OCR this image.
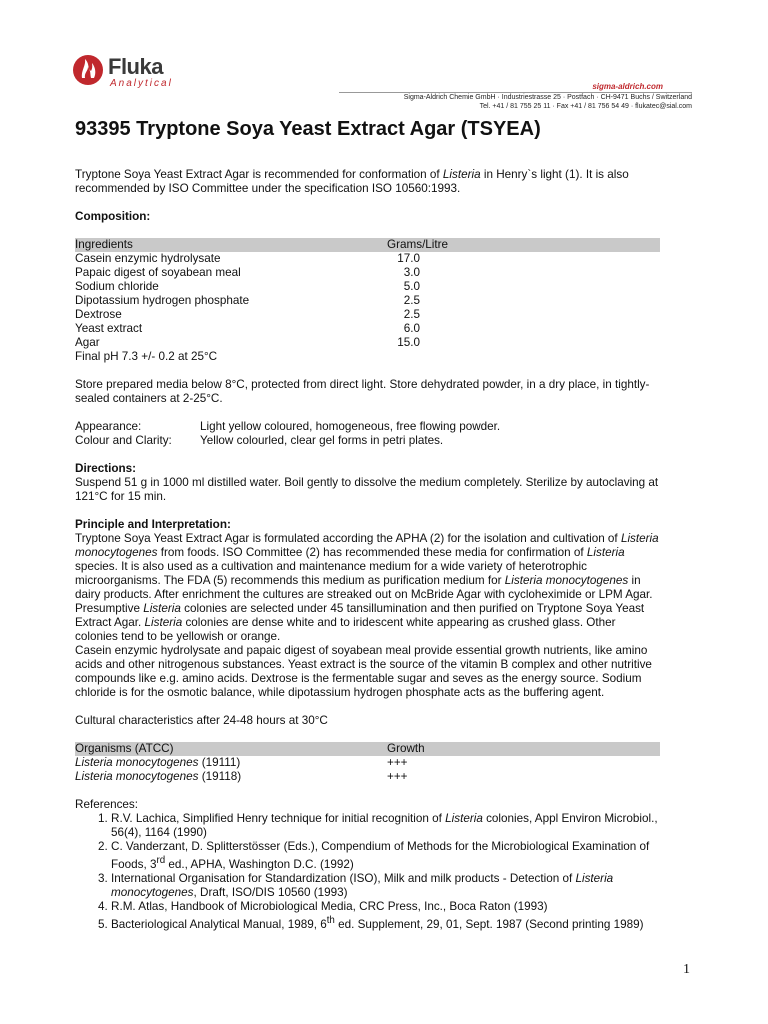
Fluka
Analytical	sigma-aldrich.com
Sigma-Aldrich Chemie GmbH · Industriestrasse 25 · Postfach · CH-9471 Buchs / Switzerland
Tel. +41 / 81 755 25 11 · Fax +41 / 81 756 54 49 · flukatec@sial.com
93395 Tryptone Soya Yeast Extract Agar (TSYEA)

Tryptone Soya Yeast Extract Agar is recommended for conformation of Listeria in Henry`s light (1). It is also recommended by ISO Committee under the specification ISO 10560:1993.

Composition:

Ingredients	Grams/Litre
Casein enzymic hydrolysate	17.0
Papaic digest of soyabean meal	3.0
Sodium chloride	5.0
Dipotassium hydrogen phosphate	2.5
Dextrose	2.5
Yeast extract	6.0
Agar	15.0

Final pH 7.3 +/- 0.2 at 25°C

Store prepared media below 8°C, protected from direct light. Store dehydrated powder, in a dry place, in tightly-sealed containers at 2-25°C.

Appearance:	Light yellow coloured, homogeneous, free flowing powder.
Colour and Clarity:	Yellow colourled, clear gel forms in petri plates.

Directions:

Suspend 51 g in 1000 ml distilled water. Boil gently to dissolve the medium completely. Sterilize by autoclaving at 121°C for 15 min.

Principle and Interpretation:

Tryptone Soya Yeast Extract Agar is formulated according the APHA (2) for the isolation and cultivation of Listeria monocytogenes from foods. ISO Committee (2) has recommended these media for confirmation of Listeria species. It is also used as a cultivation and maintenance medium for a wide variety of heterotrophic microorganisms. The FDA (5) recommends this medium as purification medium for Listeria monocytogenes in dairy products. After enrichment the cultures are streaked out on McBride Agar with cycloheximide or LPM Agar. Presumptive Listeria colonies are selected under 45 tansillumination and then purified on Tryptone Soya Yeast Extract Agar. Listeria colonies are dense white and to iridescent white appearing as crushed glass. Other colonies tend to be yellowish or orange.

Casein enzymic hydrolysate and papaic digest of soyabean meal provide essential growth nutrients, like amino acids and other nitrogenous substances. Yeast extract is the source of the vitamin B complex and other nutritive compounds like e.g. amino acids. Dextrose is the fermentable sugar and seves as the energy source. Sodium chloride is for the osmotic balance, while dipotassium hydrogen phosphate acts as the buffering agent.

Cultural characteristics after 24-48 hours at 30°C

Organisms (ATCC)	Growth
Listeria monocytogenes (19111)	+++
Listeria monocytogenes (19118)	+++

References:

1. R.V. Lachica, Simplified Henry technique for initial recognition of Listeria colonies, Appl Environ Microbiol., 56(4), 1164 (1990)
2. C. Vanderzant, D. Splitterstösser (Eds.), Compendium of Methods for the Microbiological Examination of Foods, 3rd ed., APHA, Washington D.C. (1992)
3. International Organisation for Standardization (ISO), Milk and milk products - Detection of Listeria monocytogenes, Draft, ISO/DIS 10560 (1993)
4. R.M. Atlas, Handbook of Microbiological Media, CRC Press, Inc., Boca Raton (1993)
5. Bacteriological Analytical Manual, 1989, 6th ed. Supplement, 29, 01, Sept. 1987 (Second printing 1989)
1
